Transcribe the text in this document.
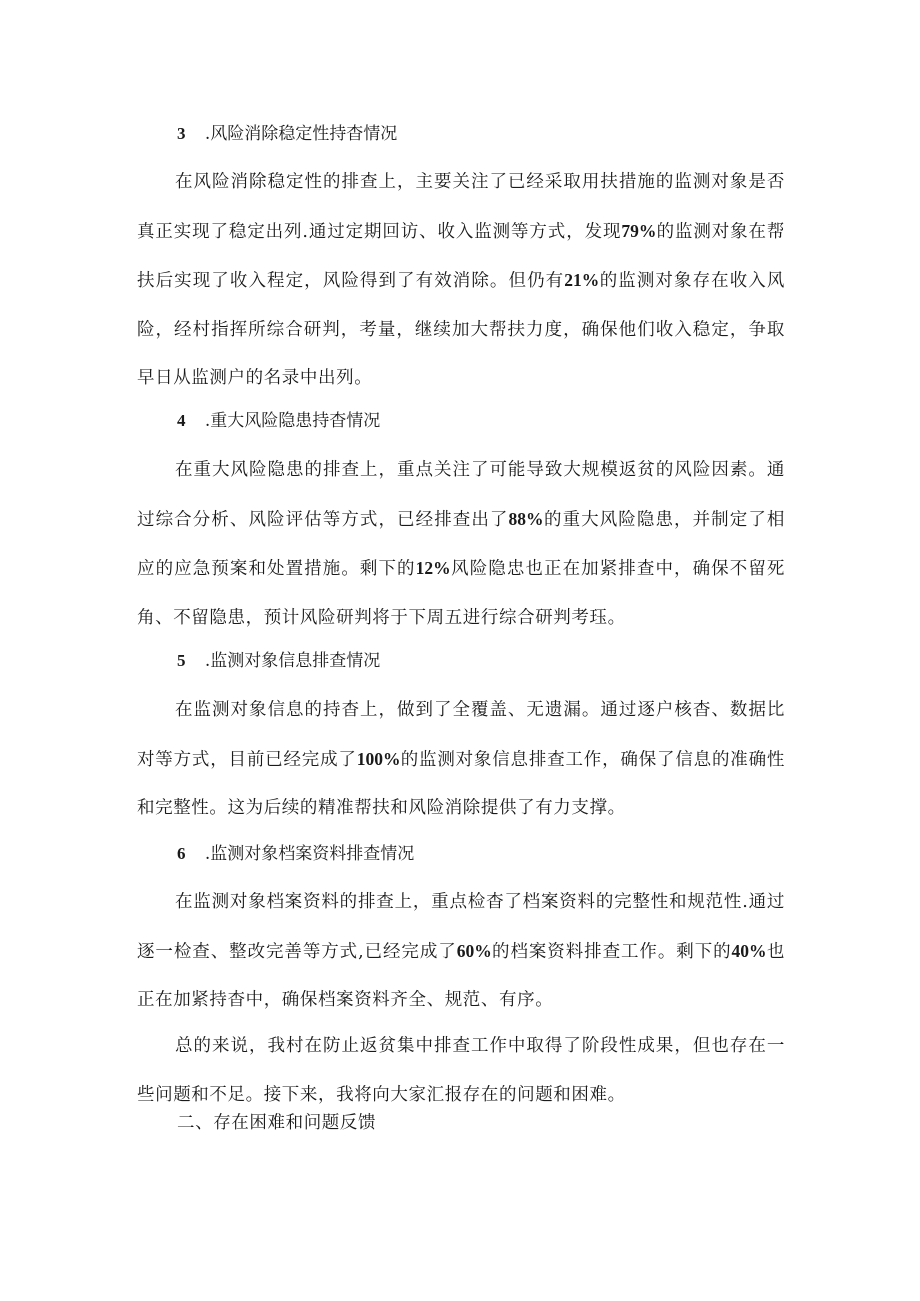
3 .风险消除稳定性持杳情况
在风险消除稳定性的排查上，主要关注了已经采取用扶措施的监测对象是否真正实现了稳定出列.通过定期回访、收入监测等方式，发现79%的监测对象在帮扶后实现了收入程定，风险得到了有效消除。但仍有21%的监测对象存在收入风险，经村指挥所综合研判，考量，继续加大帮扶力度，确保他们收入稳定，争取早日从监测户的名录中出列。
4 .重大风险隐患持杳情况
在重大风险隐患的排查上，重点关注了可能导致大规模返贫的风险因素。通过综合分析、风险评估等方式，已经排查出了88%的重大风险隐患，并制定了相应的应急预案和处置措施。剩下的12%风险隐忠也正在加紧排查中，确保不留死角、不留隐患，预计风险研判将于下周五进行综合研判考珏。
5 .监测对象信息排查情况
在监测对象信息的持杳上，做到了全覆盖、无遗漏。通过逐户核杳、数据比对等方式，目前已经完成了100%的监测对象信息排查工作，确保了信息的准确性和完整性。这为后续的精准帮扶和风险消除提供了有力支撑。
6 .监测对象档案资料排查情况
在监测对象档案资料的排查上，重点检杳了档案资料的完整性和规范性.通过逐一检查、整改完善等方式,已经完成了60%的档案资料排查工作。剩下的40%也正在加紧持杳中，确保档案资料齐全、规范、有序。
总的来说，我村在防止返贫集中排查工作中取得了阶段性成果，但也存在一些问题和不足。接下来，我将向大家汇报存在的问题和困难。
二、存在困难和问题反馈
